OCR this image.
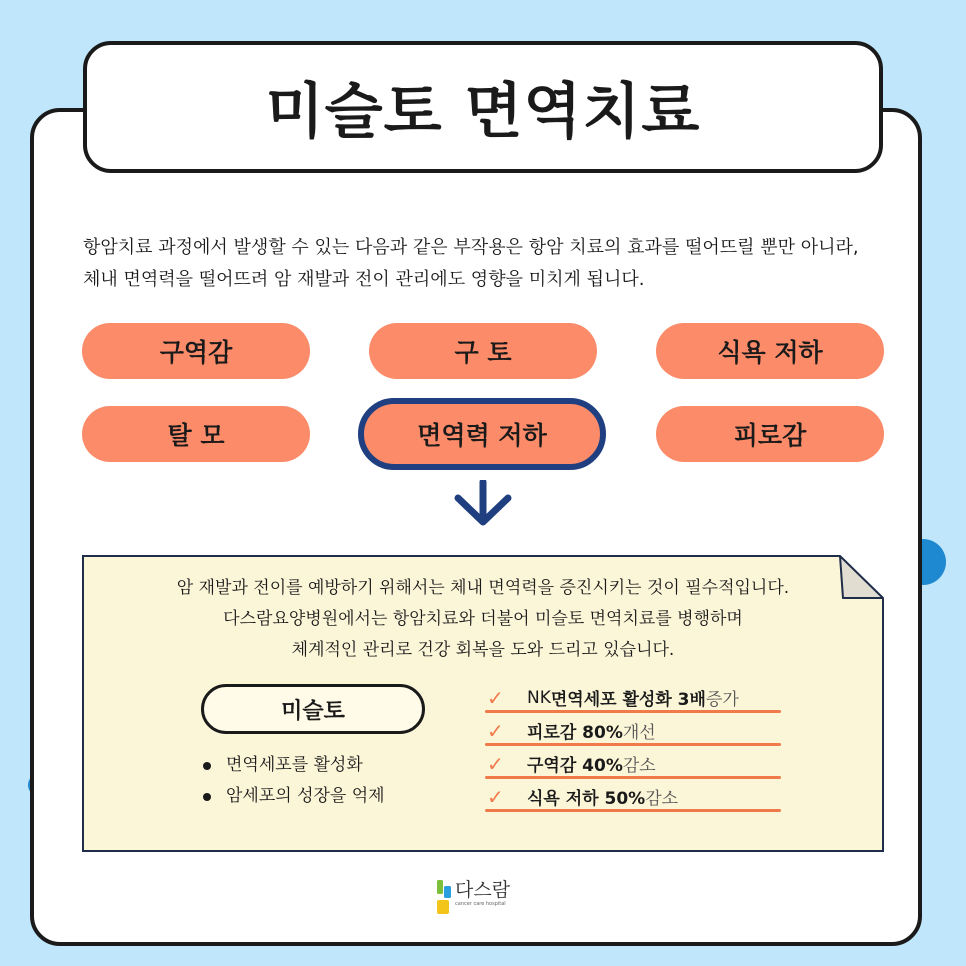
미슬토 면역치료

항암치료 과정에서 발생할 수 있는 다음과 같은 부작용은 항암 치료의 효과를 떨어뜨릴 뿐만 아니라,
체내 면역력을 떨어뜨려 암 재발과 전이 관리에도 영향을 미치게 됩니다.

구역감	구 토	식욕 저하
탈 모	면역력 저하	피로감

암 재발과 전이를 예방하기 위해서는 체내 면역력을 증진시키는 것이 필수적입니다.
다스람요양병원에서는 항암치료와 더불어 미슬토 면역치료를 병행하며
체계적인 관리로 건강 회복을 도와 드리고 있습니다.

미슬토
면역세포를 활성화
암세포의 성장을 억제
✓	NK 면역세포 활성화 3배 증가
✓	피로감 80% 개선
✓	구역감 40% 감소
✓	식욕 저하 50% 감소
다스람
cancer care hospital
